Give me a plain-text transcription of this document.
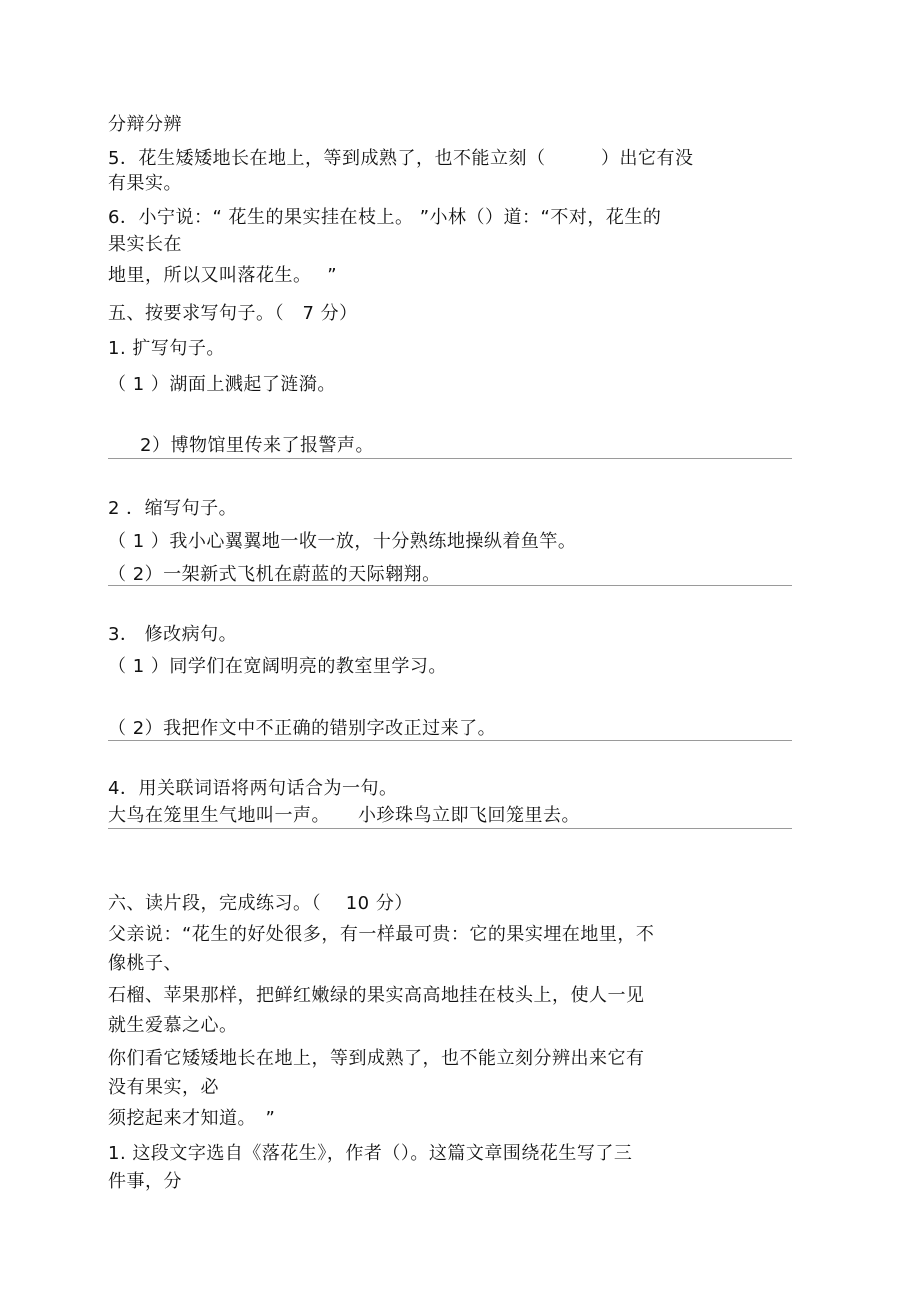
分辩分辨
5．花生矮矮地长在地上，等到成熟了，也不能立刻（　　　）出它有没
有果实。
6．小宁说：“ 花生的果实挂在枝上。 ”小林（）道：“不对，花生的
果实长在
地里，所以又叫落花生。　 ”
五、按要求写句子。（　7 分）
1. 扩写句子。
（ 1 ）湖面上溅起了涟漪。
2）博物馆里传来了报警声。
2 ．缩写句子。
（ 1 ）我小心翼翼地一收一放，十分熟练地操纵着鱼竿。
（ 2）一架新式飞机在蔚蓝的天际翱翔。
3． 修改病句。
（ 1 ）同学们在宽阔明亮的教室里学习。
（ 2）我把作文中不正确的错别字改正过来了。
4．用关联词语将两句话合为一句。
大鸟在笼里生气地叫一声。　　小珍珠鸟立即飞回笼里去。
六、读片段，完成练习。（　 10 分）
父亲说：“花生的好处很多，有一样最可贵：它的果实埋在地里，不
像桃子、
石榴、苹果那样，把鲜红嫩绿的果实高高地挂在枝头上，使人一见
就生爱慕之心。
你们看它矮矮地长在地上，等到成熟了，也不能立刻分辨出来它有
没有果实，必
须挖起来才知道。　”
1. 这段文字选自《落花生》，作者（）。这篇文章围绕花生写了三
件事，分
